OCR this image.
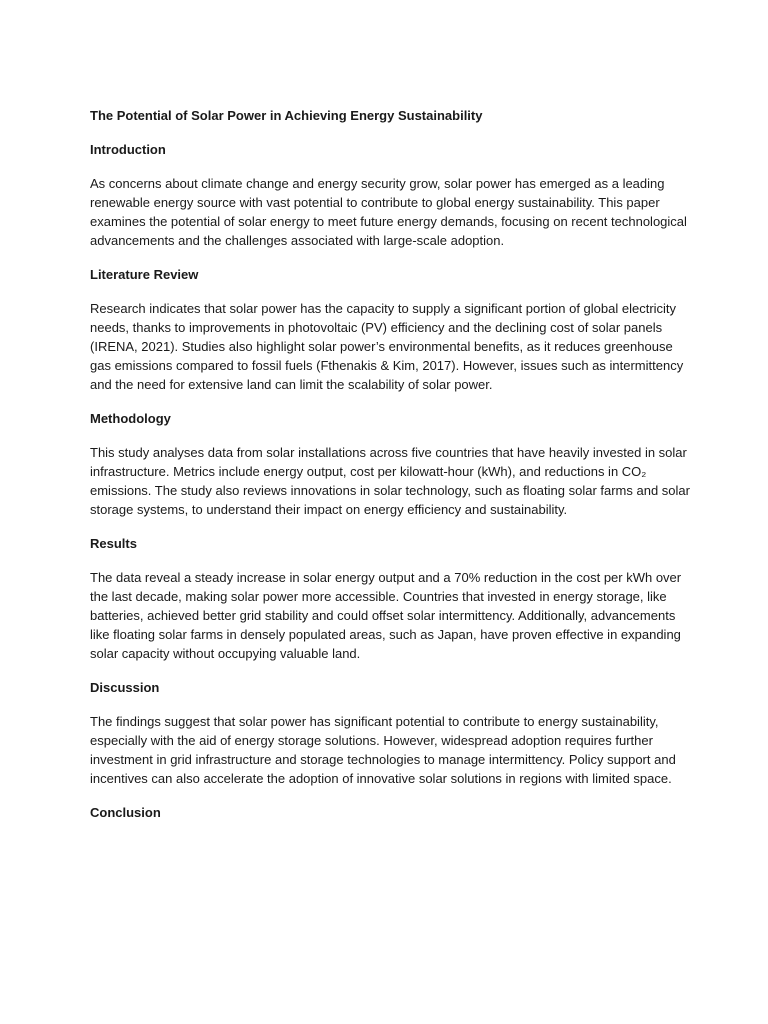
The Potential of Solar Power in Achieving Energy Sustainability
Introduction
As concerns about climate change and energy security grow, solar power has emerged as a leading renewable energy source with vast potential to contribute to global energy sustainability. This paper examines the potential of solar energy to meet future energy demands, focusing on recent technological advancements and the challenges associated with large-scale adoption.
Literature Review
Research indicates that solar power has the capacity to supply a significant portion of global electricity needs, thanks to improvements in photovoltaic (PV) efficiency and the declining cost of solar panels (IRENA, 2021). Studies also highlight solar power’s environmental benefits, as it reduces greenhouse gas emissions compared to fossil fuels (Fthenakis & Kim, 2017). However, issues such as intermittency and the need for extensive land can limit the scalability of solar power.
Methodology
This study analyses data from solar installations across five countries that have heavily invested in solar infrastructure. Metrics include energy output, cost per kilowatt-hour (kWh), and reductions in CO₂ emissions. The study also reviews innovations in solar technology, such as floating solar farms and solar storage systems, to understand their impact on energy efficiency and sustainability.
Results
The data reveal a steady increase in solar energy output and a 70% reduction in the cost per kWh over the last decade, making solar power more accessible. Countries that invested in energy storage, like batteries, achieved better grid stability and could offset solar intermittency. Additionally, advancements like floating solar farms in densely populated areas, such as Japan, have proven effective in expanding solar capacity without occupying valuable land.
Discussion
The findings suggest that solar power has significant potential to contribute to energy sustainability, especially with the aid of energy storage solutions. However, widespread adoption requires further investment in grid infrastructure and storage technologies to manage intermittency. Policy support and incentives can also accelerate the adoption of innovative solar solutions in regions with limited space.
Conclusion
